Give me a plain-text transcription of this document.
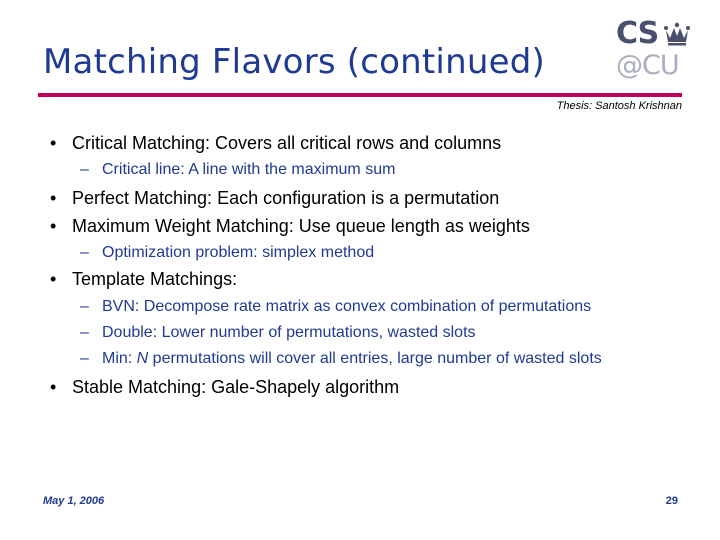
Matching Flavors (continued)
CS
@CU
Thesis: Santosh Krishnan
• Critical Matching: Covers all critical rows and columns
– Critical line: A line with the maximum sum
• Perfect Matching: Each configuration is a permutation
• Maximum Weight Matching: Use queue length as weights
– Optimization problem: simplex method
• Template Matchings:
– BVN: Decompose rate matrix as convex combination of permutations
– Double: Lower number of permutations, wasted slots
– Min: N permutations will cover all entries, large number of wasted slots
• Stable Matching: Gale-Shapely algorithm
May 1, 2006	29
